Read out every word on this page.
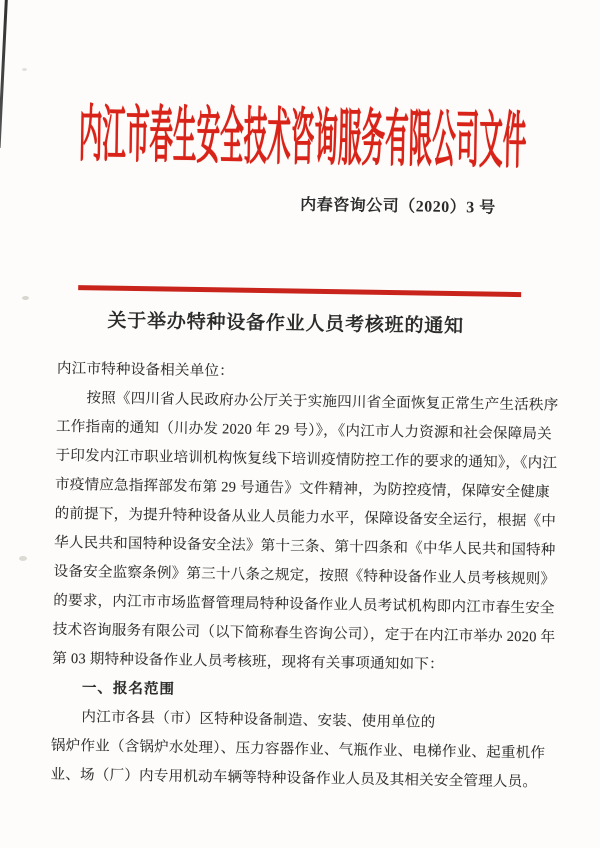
内江市春生安全技术咨询服务有限公司文件
内春咨询公司（2020）3 号
关于举办特种设备作业人员考核班的通知
内江市特种设备相关单位：
按照《四川省人民政府办公厅关于实施四川省全面恢复正常生产生活秩序
工作指南的通知（川办发 2020 年 29 号）》，《内江市人力资源和社会保障局关
于印发内江市职业培训机构恢复线下培训疫情防控工作的要求的通知》，《内江
市疫情应急指挥部发布第 29 号通告》文件精神，为防控疫情，保障安全健康
的前提下，为提升特种设备从业人员能力水平，保障设备安全运行，根据《中
华人民共和国特种设备安全法》第十三条、第十四条和《中华人民共和国特种
设备安全监察条例》第三十八条之规定，按照《特种设备作业人员考核规则》
的要求，内江市市场监督管理局特种设备作业人员考试机构即内江市春生安全
技术咨询服务有限公司（以下简称春生咨询公司），定于在内江市举办 2020 年
第 03 期特种设备作业人员考核班，现将有关事项通知如下：
一、报名范围
内江市各县（市）区特种设备制造、安装、使用单位的
锅炉作业（含锅炉水处理）、压力容器作业、气瓶作业、电梯作业、起重机作
业、场（厂）内专用机动车辆等特种设备作业人员及其相关安全管理人员。
